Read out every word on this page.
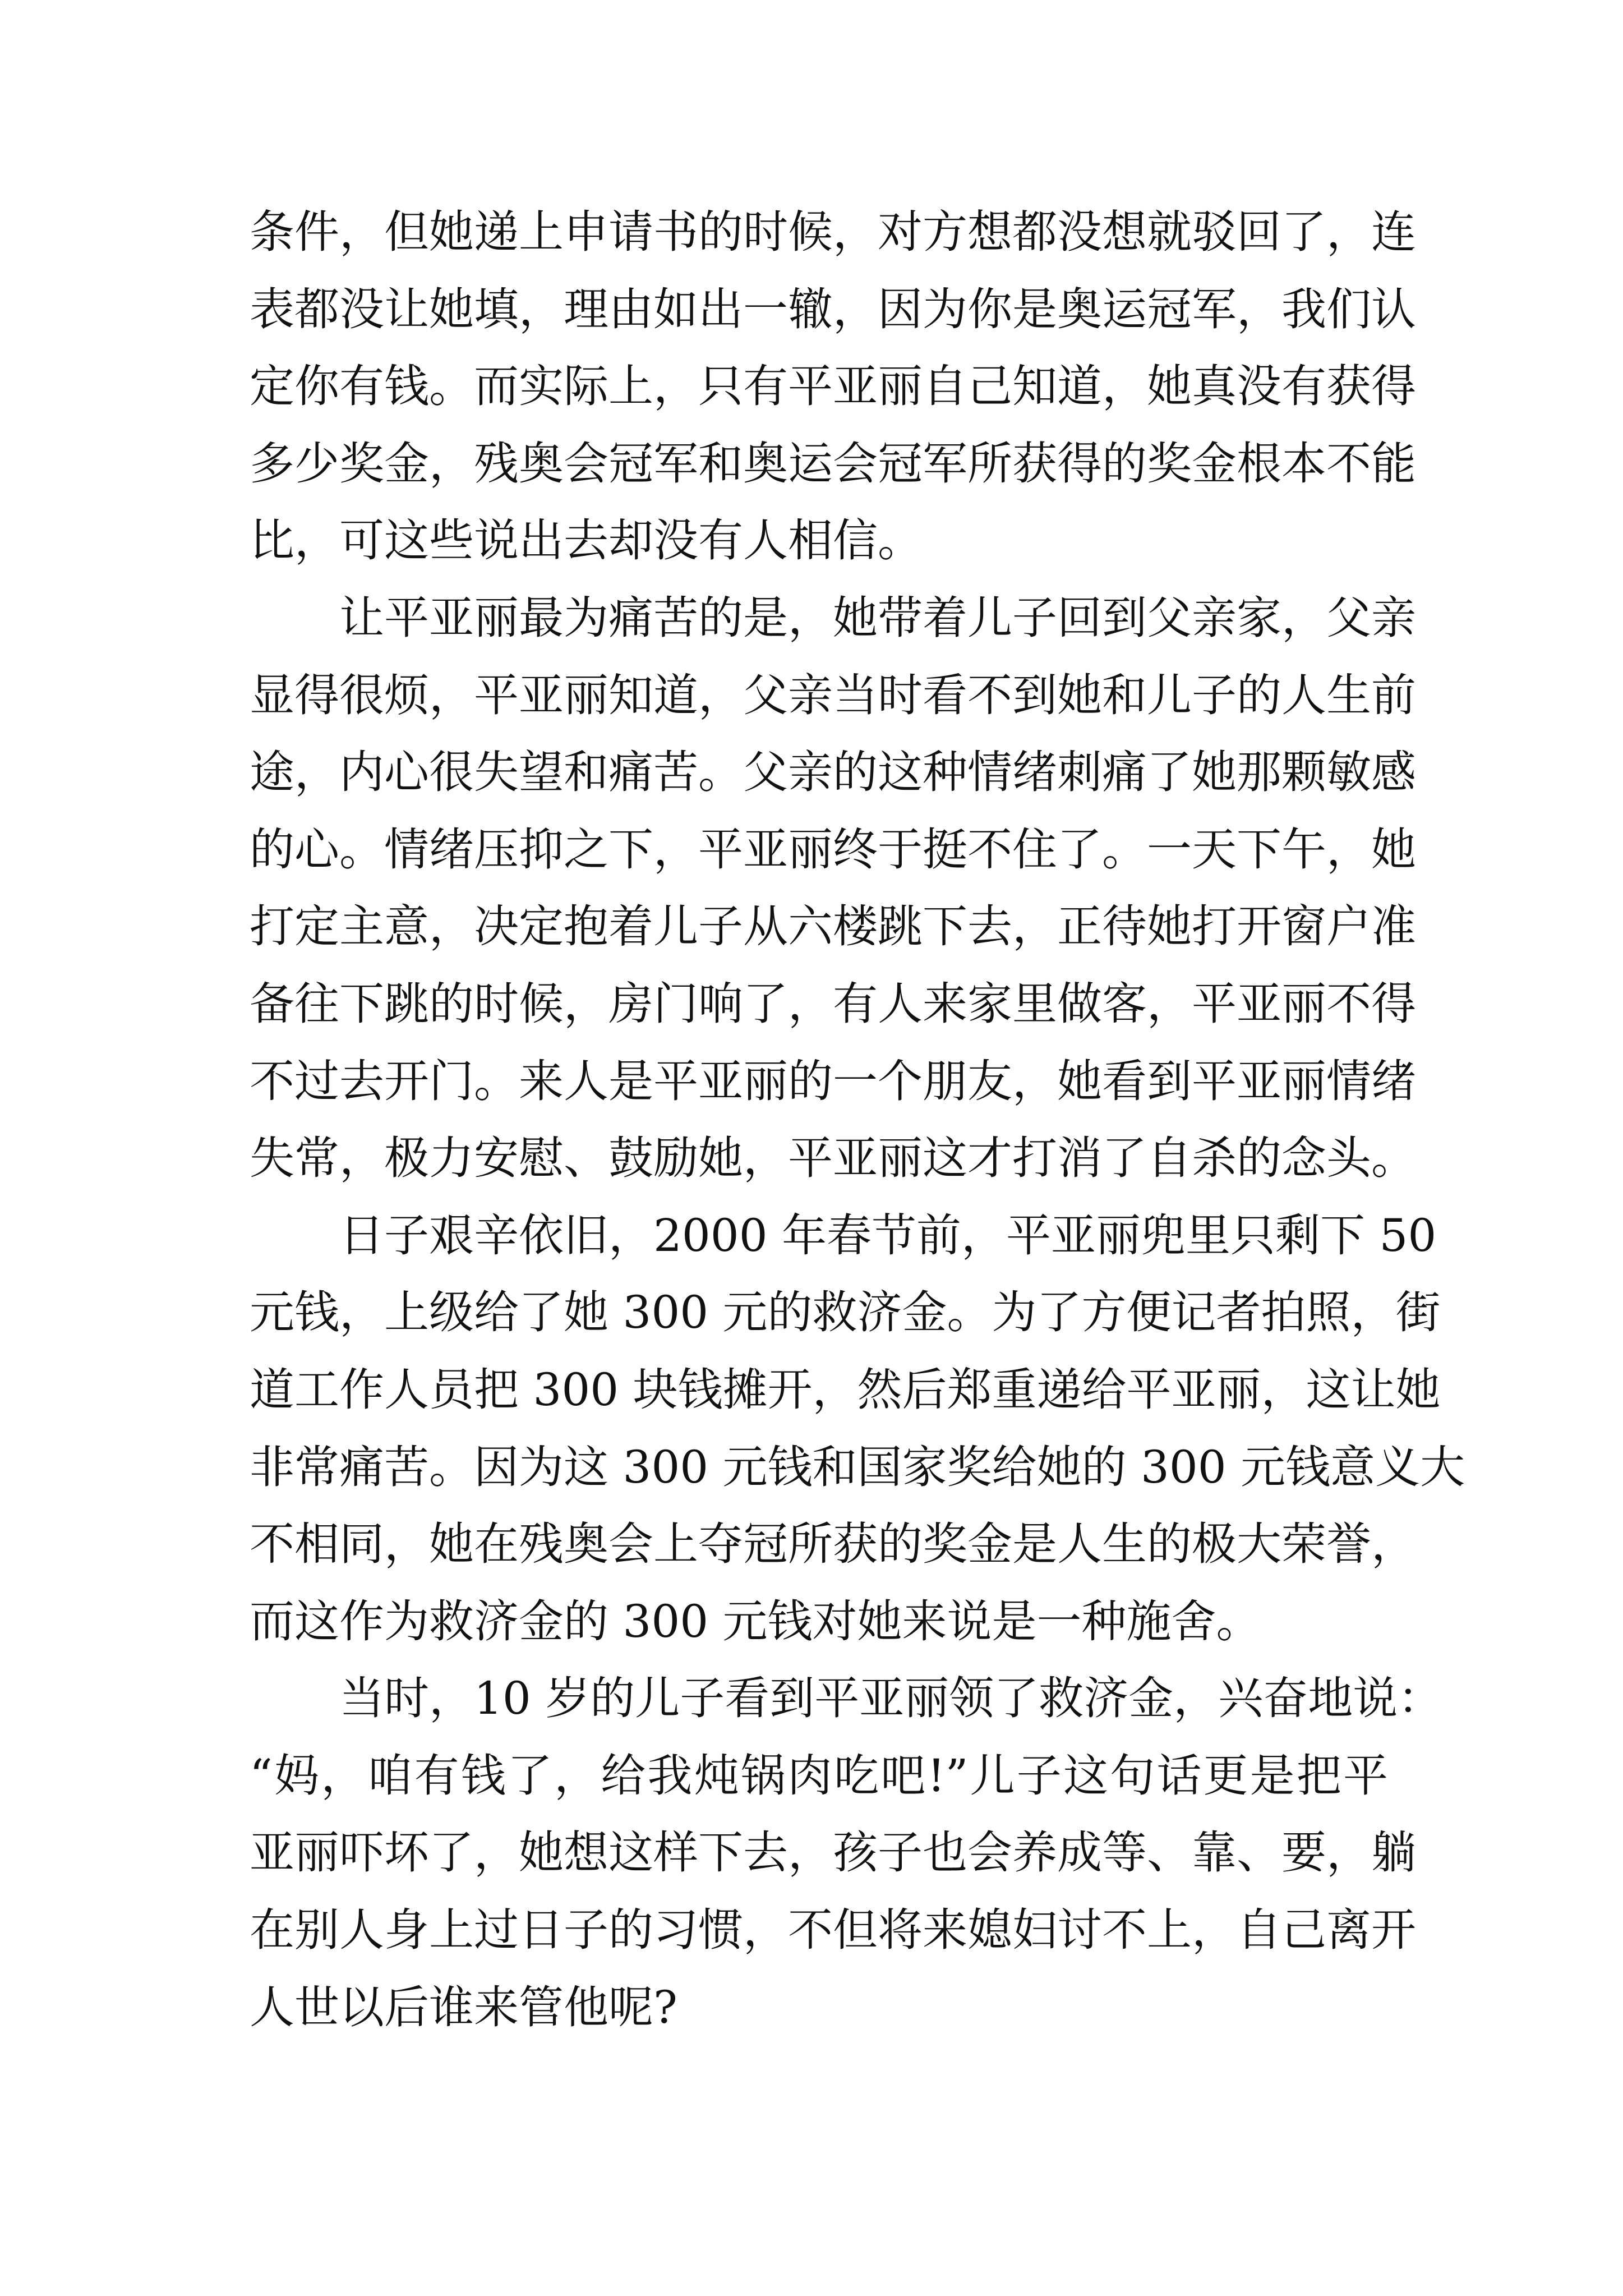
条件，但她递上申请书的时候，对方想都没想就驳回了，连
表都没让她填，理由如出一辙，因为你是奥运冠军，我们认
定你有钱。而实际上，只有平亚丽自己知道，她真没有获得
多少奖金，残奥会冠军和奥运会冠军所获得的奖金根本不能
比，可这些说出去却没有人相信。
让平亚丽最为痛苦的是，她带着儿子回到父亲家，父亲
显得很烦，平亚丽知道，父亲当时看不到她和儿子的人生前
途，内心很失望和痛苦。父亲的这种情绪刺痛了她那颗敏感
的心。情绪压抑之下，平亚丽终于挺不住了。一天下午，她
打定主意，决定抱着儿子从六楼跳下去，正待她打开窗户准
备往下跳的时候，房门响了，有人来家里做客，平亚丽不得
不过去开门。来人是平亚丽的一个朋友，她看到平亚丽情绪
失常，极力安慰、鼓励她，平亚丽这才打消了自杀的念头。
日子艰辛依旧，2000 年春节前，平亚丽兜里只剩下 50
元钱，上级给了她 300 元的救济金。为了方便记者拍照，街
道工作人员把 300 块钱摊开，然后郑重递给平亚丽，这让她
非常痛苦。因为这 300 元钱和国家奖给她的 300 元钱意义大
不相同，她在残奥会上夺冠所获的奖金是人生的极大荣誉，
而这作为救济金的 300 元钱对她来说是一种施舍。
当时，10 岁的儿子看到平亚丽领了救济金，兴奋地说：
“妈，咱有钱了，给我炖锅肉吃吧!”儿子这句话更是把平
亚丽吓坏了，她想这样下去，孩子也会养成等、靠、要，躺
在别人身上过日子的习惯，不但将来媳妇讨不上，自己离开
人世以后谁来管他呢?
